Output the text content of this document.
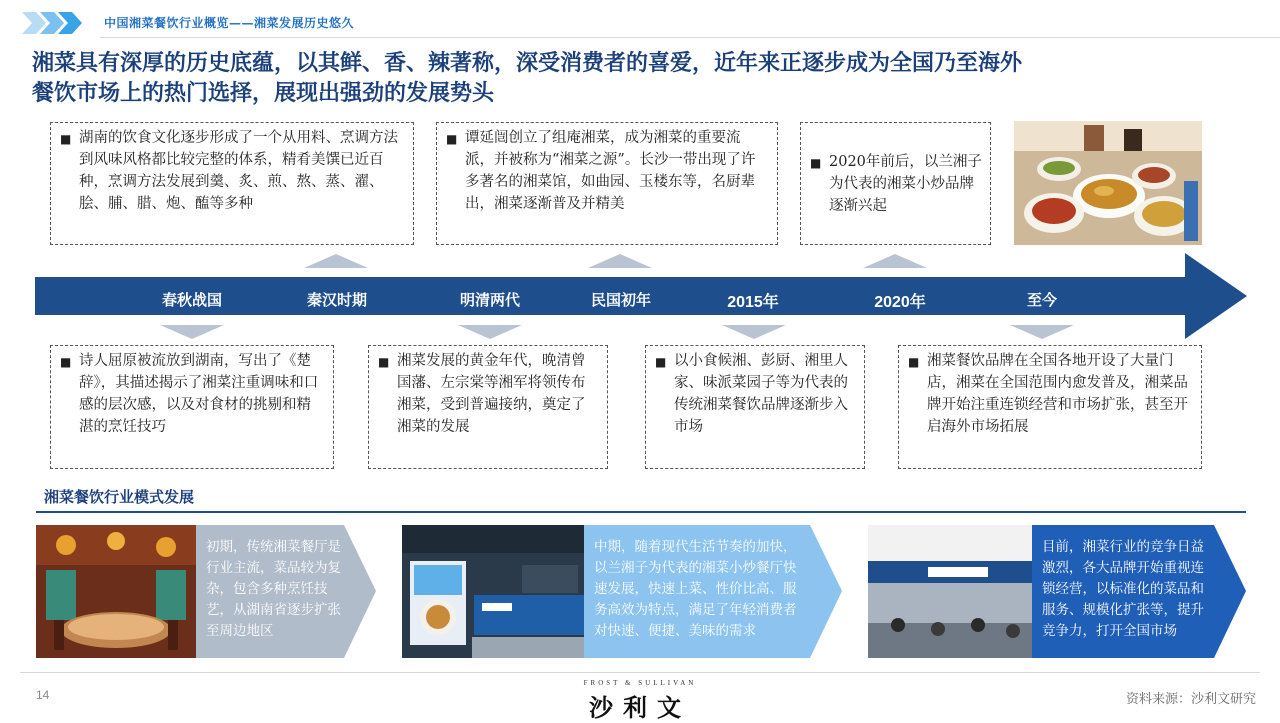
中国湘菜餐饮行业概览——湘菜发展历史悠久
湘菜具有深厚的历史底蕴，以其鲜、香、辣著称，深受消费者的喜爱，近年来正逐步成为全国乃至海外
餐饮市场上的热门选择，展现出强劲的发展势头
■ 湖南的饮食文化逐步形成了一个从用料、烹调方法到风味风格都比较完整的体系，精肴美馔已近百种，烹调方法发展到羹、炙、煎、熬、蒸、濯、脍、脯、腊、炮、醢等多种
■ 谭延闿创立了组庵湘菜，成为湘菜的重要流派，并被称为“湘菜之源”。长沙一带出现了许多著名的湘菜馆，如曲园、玉楼东等，名厨辈出，湘菜逐渐普及并精美
■ 2020年前后，以兰湘子为代表的湘菜小炒品牌逐渐兴起
春秋战国	秦汉时期	明清两代	民国初年	2015年	2020年	至今
■ 诗人屈原被流放到湖南，写出了《楚辞》，其描述揭示了湘菜注重调味和口感的层次感，以及对食材的挑剔和精湛的烹饪技巧
■ 湘菜发展的黄金年代，晚清曾国藩、左宗棠等湘军将领传布湘菜，受到普遍接纳，奠定了湘菜的发展
■ 以小食候湘、彭厨、湘里人家、味派菜园子等为代表的传统湘菜餐饮品牌逐渐步入市场
■ 湘菜餐饮品牌在全国各地开设了大量门店，湘菜在全国范围内愈发普及，湘菜品牌开始注重连锁经营和市场扩张，甚至开启海外市场拓展
湘菜餐饮行业模式发展
初期，传统湘菜餐厅是行业主流，菜品较为复杂，包含多种烹饪技艺，从湖南省逐步扩张至周边地区
中期，随着现代生活节奏的加快，以兰湘子为代表的湘菜小炒餐厅快速发展，快速上菜、性价比高、服务高效为特点，满足了年轻消费者对快速、便捷、美味的需求
目前，湘菜行业的竞争日益激烈，各大品牌开始重视连锁经营，以标准化的菜品和服务、规模化扩张等，提升竞争力，打开全国市场
14
FROST & SULLIVAN
沙利文	资料来源：沙利文研究
